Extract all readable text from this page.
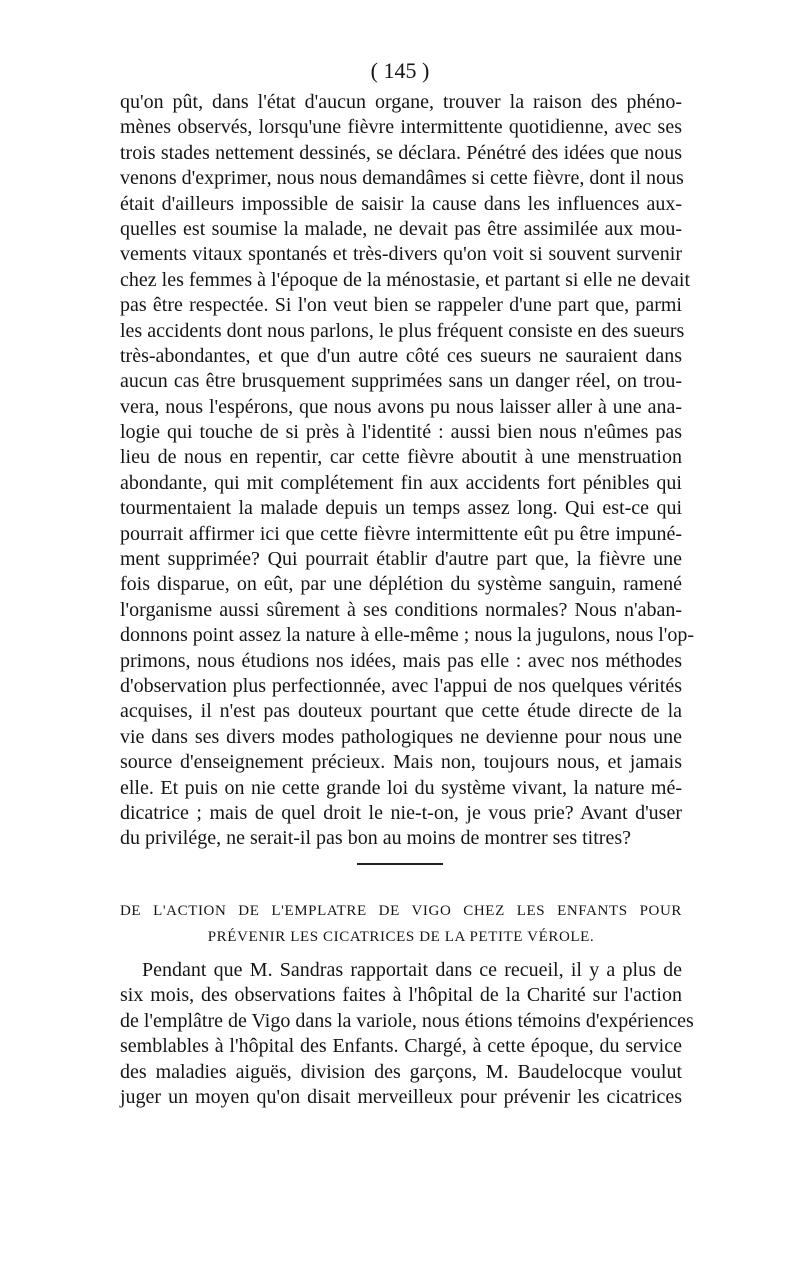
( 145 )
qu'on pût, dans l'état d'aucun organe, trouver la raison des phéno-
mènes observés, lorsqu'une fièvre intermittente quotidienne, avec ses
trois stades nettement dessinés, se déclara. Pénétré des idées que nous
venons d'exprimer, nous nous demandâmes si cette fièvre, dont il nous
était d'ailleurs impossible de saisir la cause dans les influences aux-
quelles est soumise la malade, ne devait pas être assimilée aux mou-
vements vitaux spontanés et très-divers qu'on voit si souvent survenir
chez les femmes à l'époque de la ménostasie, et partant si elle ne devait
pas être respectée. Si l'on veut bien se rappeler d'une part que, parmi
les accidents dont nous parlons, le plus fréquent consiste en des sueurs
très-abondantes, et que d'un autre côté ces sueurs ne sauraient dans
aucun cas être brusquement supprimées sans un danger réel, on trou-
vera, nous l'espérons, que nous avons pu nous laisser aller à une ana-
logie qui touche de si près à l'identité : aussi bien nous n'eûmes pas
lieu de nous en repentir, car cette fièvre aboutit à une menstruation
abondante, qui mit complétement fin aux accidents fort pénibles qui
tourmentaient la malade depuis un temps assez long. Qui est-ce qui
pourrait affirmer ici que cette fièvre intermittente eût pu être impuné-
ment supprimée? Qui pourrait établir d'autre part que, la fièvre une
fois disparue, on eût, par une déplétion du système sanguin, ramené
l'organisme aussi sûrement à ses conditions normales? Nous n'aban-
donnons point assez la nature à elle-même ; nous la jugulons, nous l'op-
primons, nous étudions nos idées, mais pas elle : avec nos méthodes
d'observation plus perfectionnée, avec l'appui de nos quelques vérités
acquises, il n'est pas douteux pourtant que cette étude directe de la
vie dans ses divers modes pathologiques ne devienne pour nous une
source d'enseignement précieux. Mais non, toujours nous, et jamais
elle. Et puis on nie cette grande loi du système vivant, la nature mé-
dicatrice ; mais de quel droit le nie-t-on, je vous prie? Avant d'user
du privilége, ne serait-il pas bon au moins de montrer ses titres?
DE L'ACTION DE L'EMPLATRE DE VIGO CHEZ LES ENFANTS POUR
PRÉVENIR LES CICATRICES DE LA PETITE VÉROLE.
Pendant que M. Sandras rapportait dans ce recueil, il y a plus de
six mois, des observations faites à l'hôpital de la Charité sur l'action
de l'emplâtre de Vigo dans la variole, nous étions témoins d'expériences
semblables à l'hôpital des Enfants. Chargé, à cette époque, du service
des maladies aiguës, division des garçons, M. Baudelocque voulut
juger un moyen qu'on disait merveilleux pour prévenir les cicatrices
